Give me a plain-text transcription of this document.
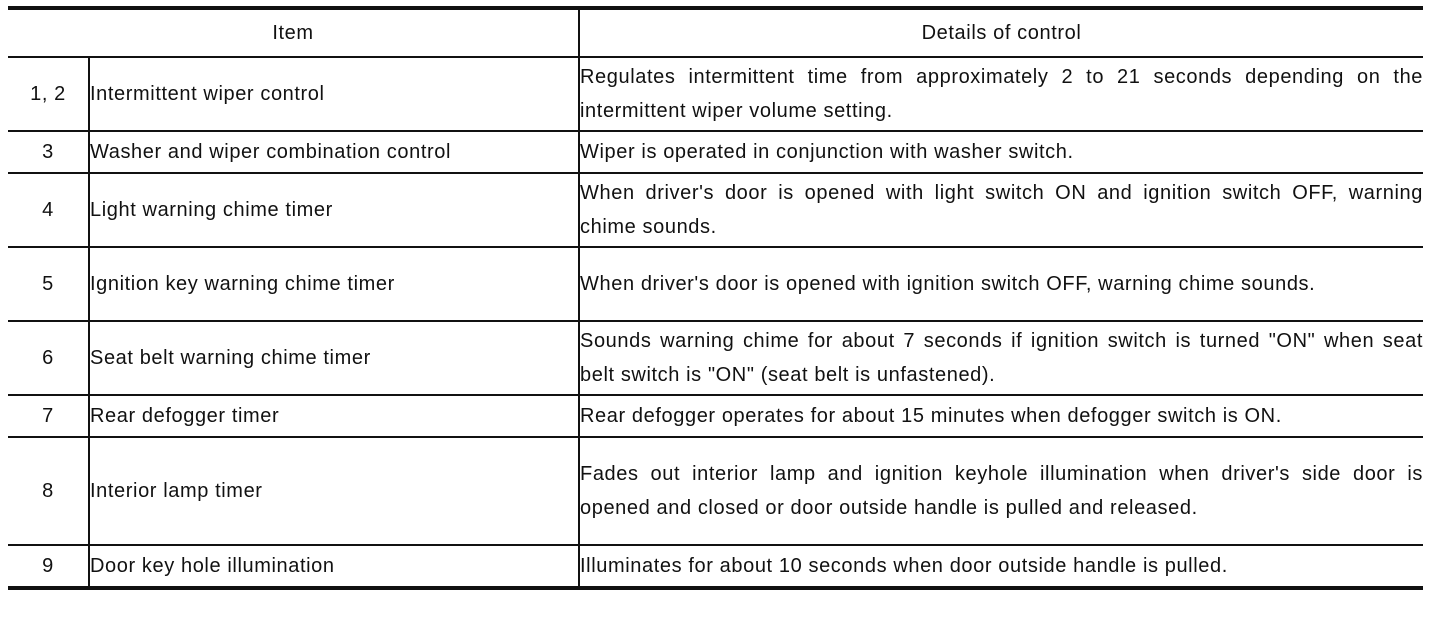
Item		Details of control
1, 2	Intermittent wiper control	Regulates intermittent time from approximately 2 to 21 seconds depending on the intermittent wiper volume setting.
3	Washer and wiper combination control	Wiper is operated in conjunction with washer switch.
4	Light warning chime timer	When driver's door is opened with light switch ON and ignition switch OFF, warning chime sounds.
5	Ignition key warning chime timer	When driver's door is opened with ignition switch OFF, warning chime sounds.
6	Seat belt warning chime timer	Sounds warning chime for about 7 seconds if ignition switch is turned "ON" when seat belt switch is "ON" (seat belt is unfastened).
7	Rear defogger timer	Rear defogger operates for about 15 minutes when defogger switch is ON.
8	Interior lamp timer	Fades out interior lamp and ignition keyhole illumination when driver's side door is opened and closed or door outside handle is pulled and released.
9	Door key hole illumination	Illuminates for about 10 seconds when door outside handle is pulled.
